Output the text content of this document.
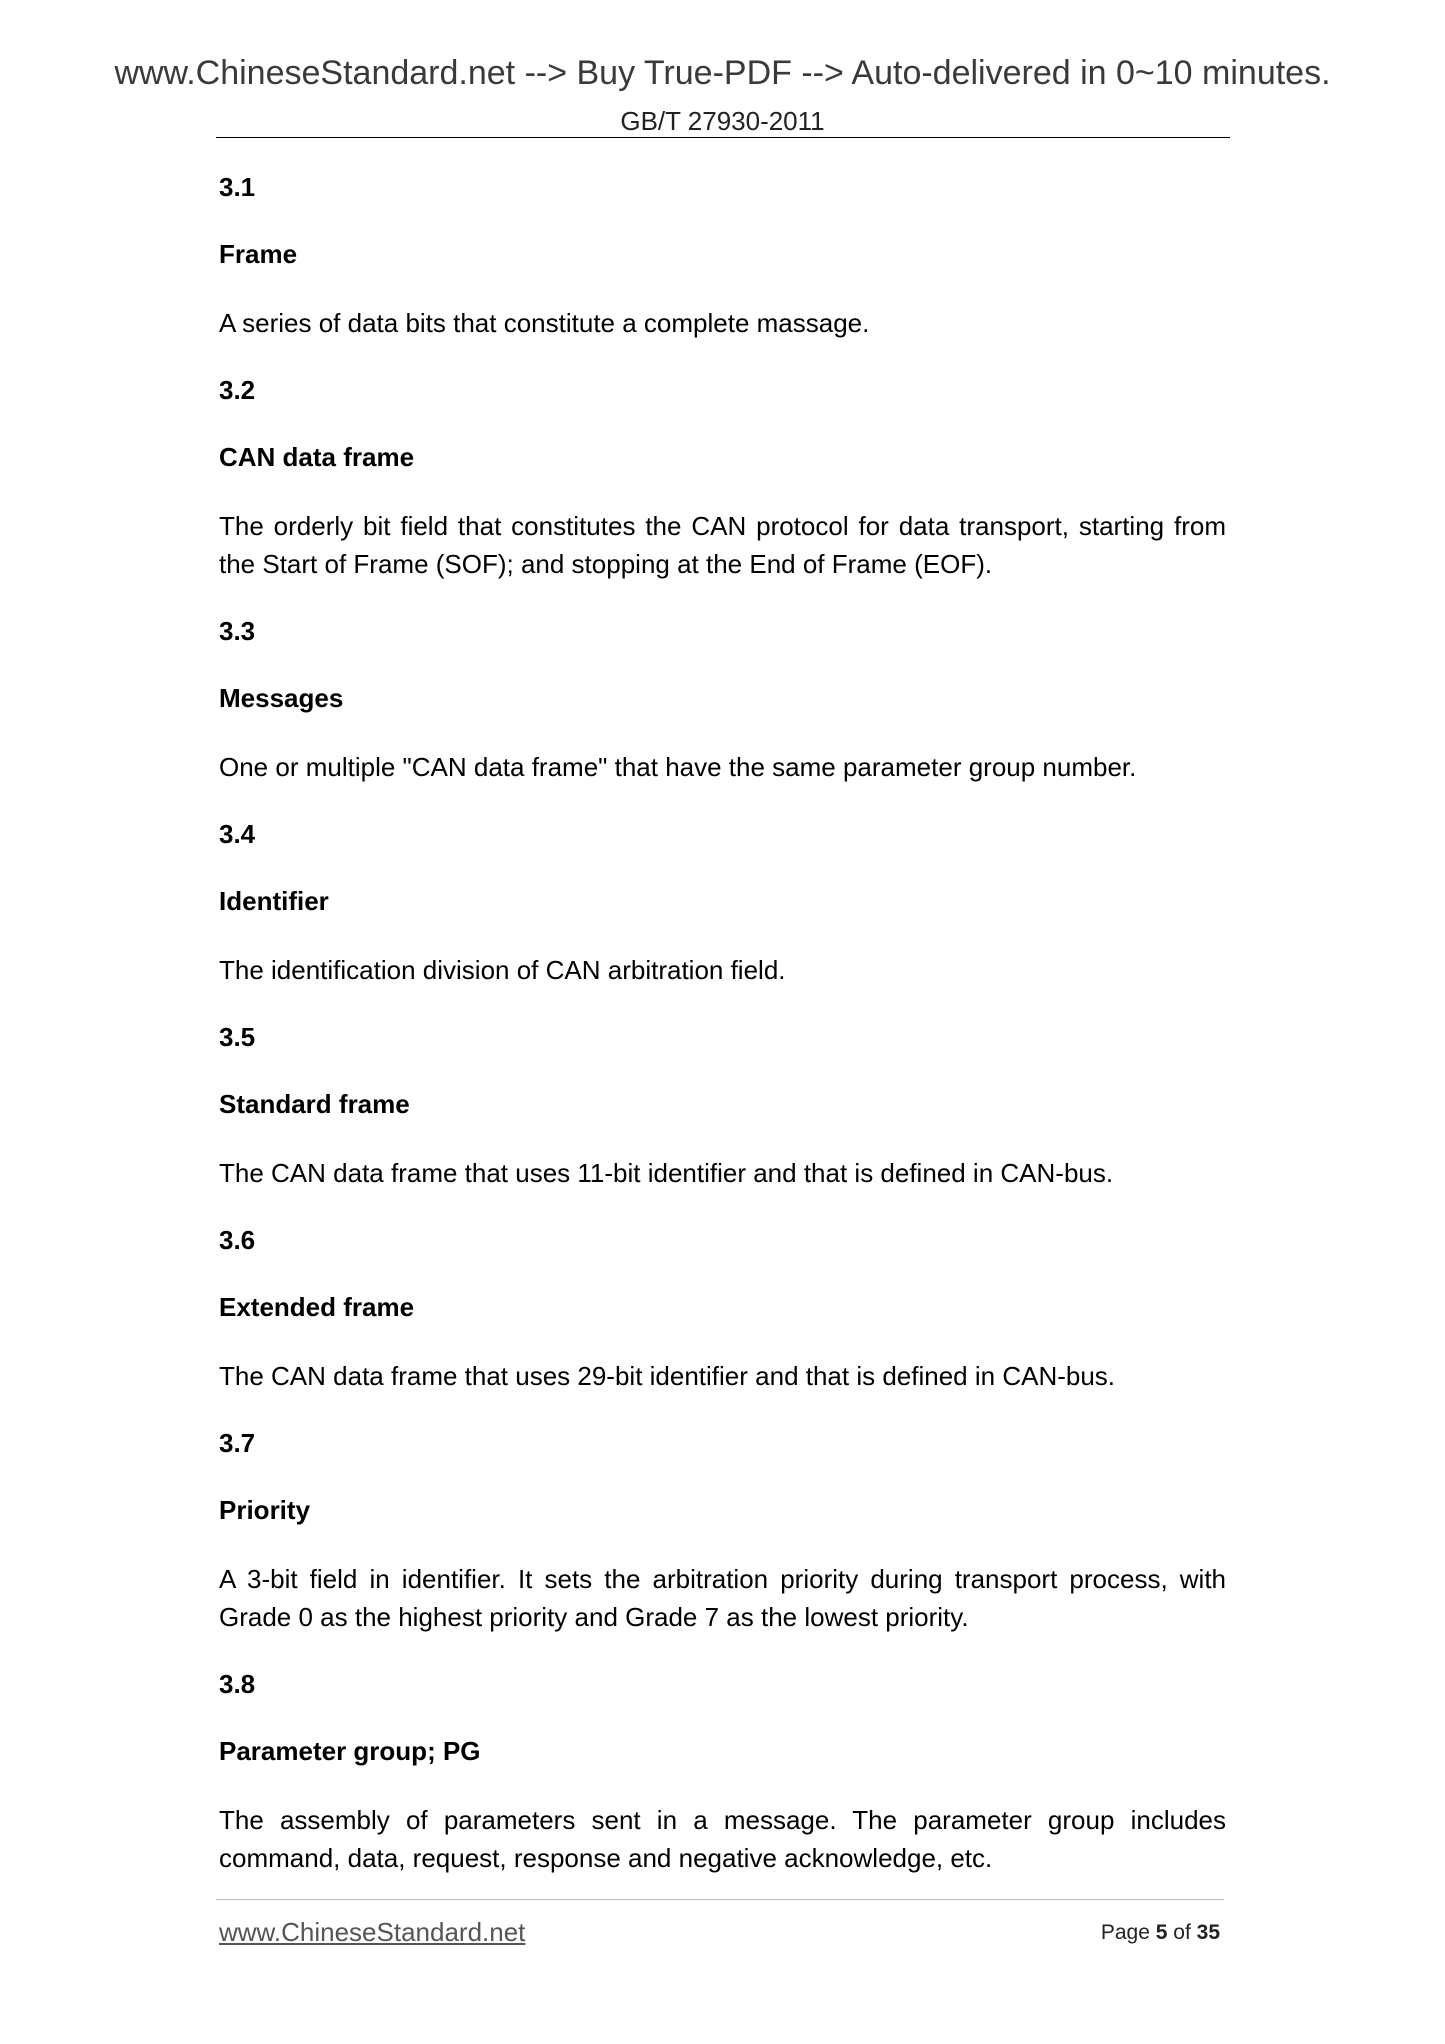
www.ChineseStandard.net --> Buy True-PDF --> Auto-delivered in 0~10 minutes.
GB/T 27930-2011

3.1

Frame

A series of data bits that constitute a complete massage.

3.2

CAN data frame

The orderly bit field that constitutes the CAN protocol for data transport, starting from the Start of Frame (SOF); and stopping at the End of Frame (EOF).

3.3

Messages

One or multiple "CAN data frame" that have the same parameter group number.

3.4

Identifier

The identification division of CAN arbitration field.

3.5

Standard frame

The CAN data frame that uses 11-bit identifier and that is defined in CAN-bus.

3.6

Extended frame

The CAN data frame that uses 29-bit identifier and that is defined in CAN-bus.

3.7

Priority

A 3-bit field in identifier. It sets the arbitration priority during transport process, with Grade 0 as the highest priority and Grade 7 as the lowest priority.

3.8

Parameter group; PG

The assembly of parameters sent in a message. The parameter group includes command, data, request, response and negative acknowledge, etc.

www.ChineseStandard.net	Page 5 of 35
